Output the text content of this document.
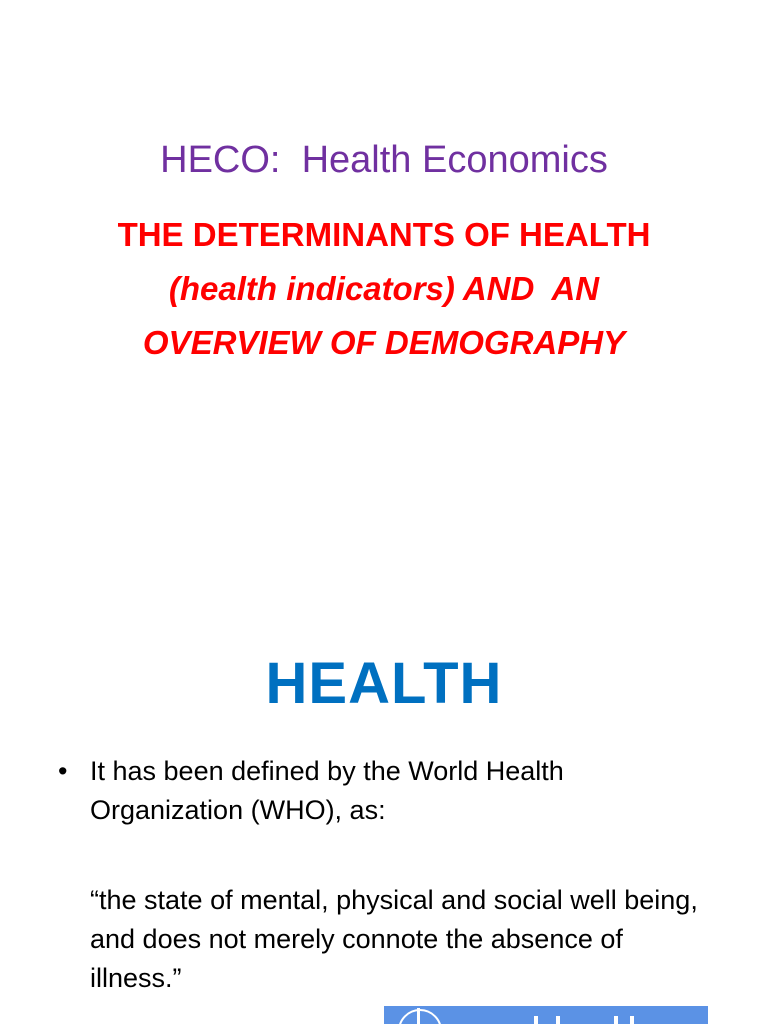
HECO:  Health Economics
THE DETERMINANTS OF HEALTH
(health indicators) AND  AN
OVERVIEW OF DEMOGRAPHY
HEALTH
• It has been defined by the World Health Organization (WHO), as:
“the state of mental, physical and social well being, and does not merely connote the absence of illness.”
